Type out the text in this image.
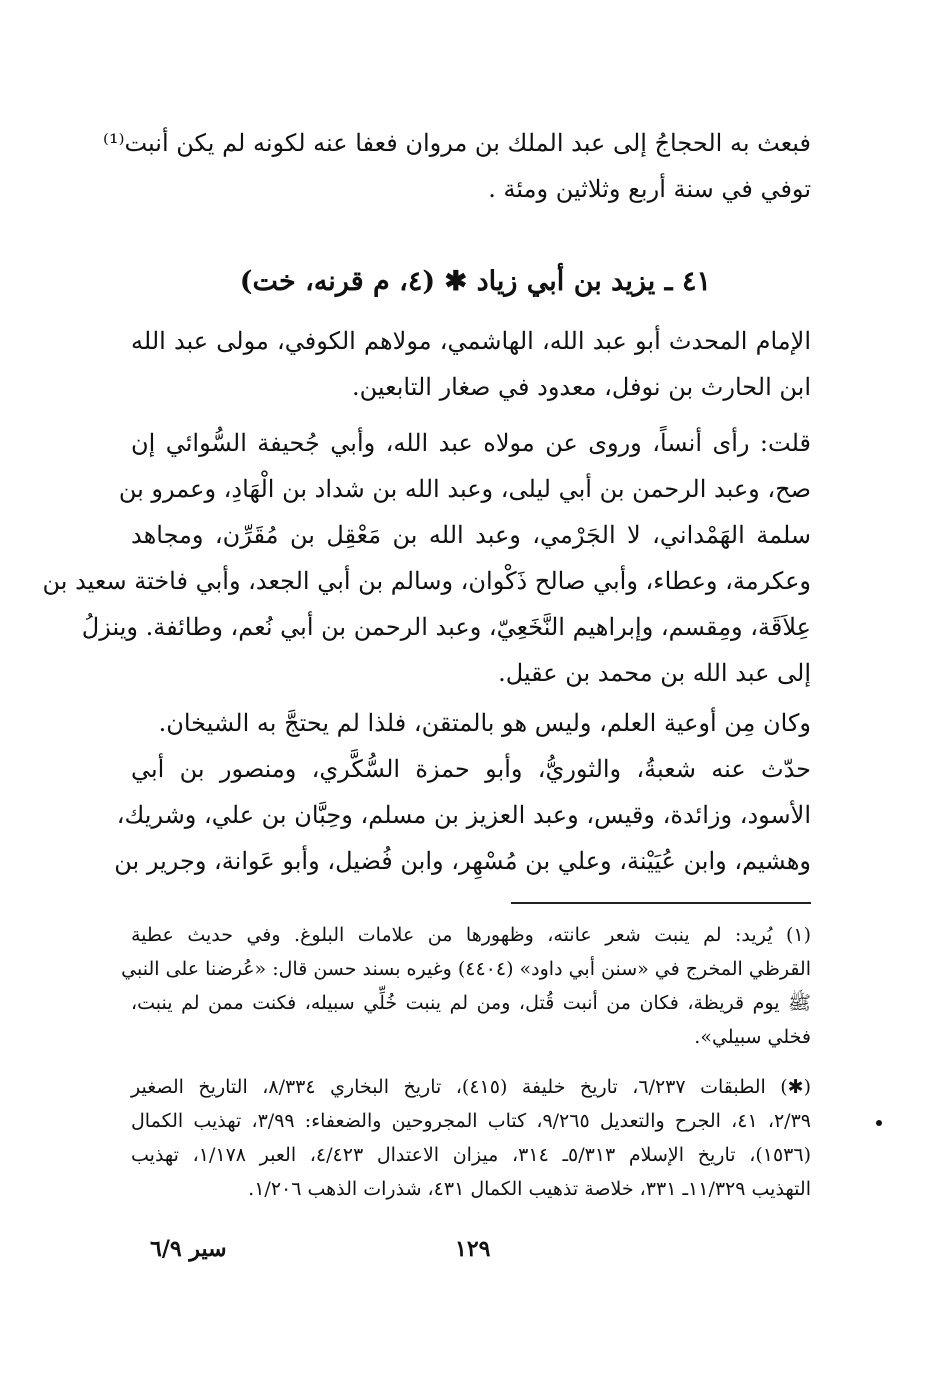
فبعث به الحجاجُ إلى عبد الملك بن مروان فعفا عنه لكونه لم يكن أنبت⁽¹⁾
توفي في سنة أربع وثلاثين ومئة .
٤١ ـ يزيد بن أبي زياد ✱ (٤، م قرنه، خت)
الإمام المحدث أبو عبد الله، الهاشمي، مولاهم الكوفي، مولى عبد الله
ابن الحارث بن نوفل، معدود في صغار التابعين.
قلت: رأى أنساً، وروى عن مولاه عبد الله، وأبي جُحيفة السُّوائي إن
صح، وعبد الرحمن بن أبي ليلى، وعبد الله بن شداد بن الْهَادِ، وعمرو بن
سلمة الهَمْداني، لا الجَرْمي، وعبد الله بن مَعْقِل بن مُقَرِّن، ومجاهد
وعكرمة، وعطاء، وأبي صالح ذَكْوان، وسالم بن أبي الجعد، وأبي فاختة سعيد بن
عِلاَقَة، ومِقسم، وإبراهيم النَّخَعِيّ، وعبد الرحمن بن أبي نُعم، وطائفة. وينزلُ
إلى عبد الله بن محمد بن عقيل.
وكان مِن أوعية العلم، وليس هو بالمتقن، فلذا لم يحتجَّ به الشيخان.
حدّث عنه شعبةُ، والثوريُّ، وأبو حمزة السُّكَّري، ومنصور بن أبي
الأسود، وزائدة، وقيس، وعبد العزيز بن مسلم، وحِبَّان بن علي، وشريك،
وهشيم، وابن عُيَيْنة، وعلي بن مُسْهِر، وابن فُضيل، وأبو عَوانة، وجرير بن
(١) يُريد: لم ينبت شعر عانته، وظهورها من علامات البلوغ. وفي حديث عطية
القرظي المخرج في «سنن أبي داود» (٤٤٠٤) وغيره بسند حسن قال: «عُرضنا على النبي
ﷺ يوم قريظة، فكان من أنبت قُتل، ومن لم ينبت خُلِّي سبيله، فكنت ممن لم ينبت،
فخلي سبيلي».
(✱) الطبقات ٦/٢٣٧، تاريخ خليفة (٤١٥)، تاريخ البخاري ٨/٣٣٤، التاريخ الصغير
٢/٣٩، ٤١، الجرح والتعديل ٩/٢٦٥، كتاب المجروحين والضعفاء: ٣/٩٩، تهذيب الكمال
(١٥٣٦)، تاريخ الإسلام ٥/٣١٣ـ ٣١٤، ميزان الاعتدال ٤/٤٢٣، العبر ١/١٧٨، تهذيب
التهذيب ١١/٣٢٩ـ ٣٣١، خلاصة تذهيب الكمال ٤٣١، شذرات الذهب ١/٢٠٦.
١٢٩
سير ٦/٩
